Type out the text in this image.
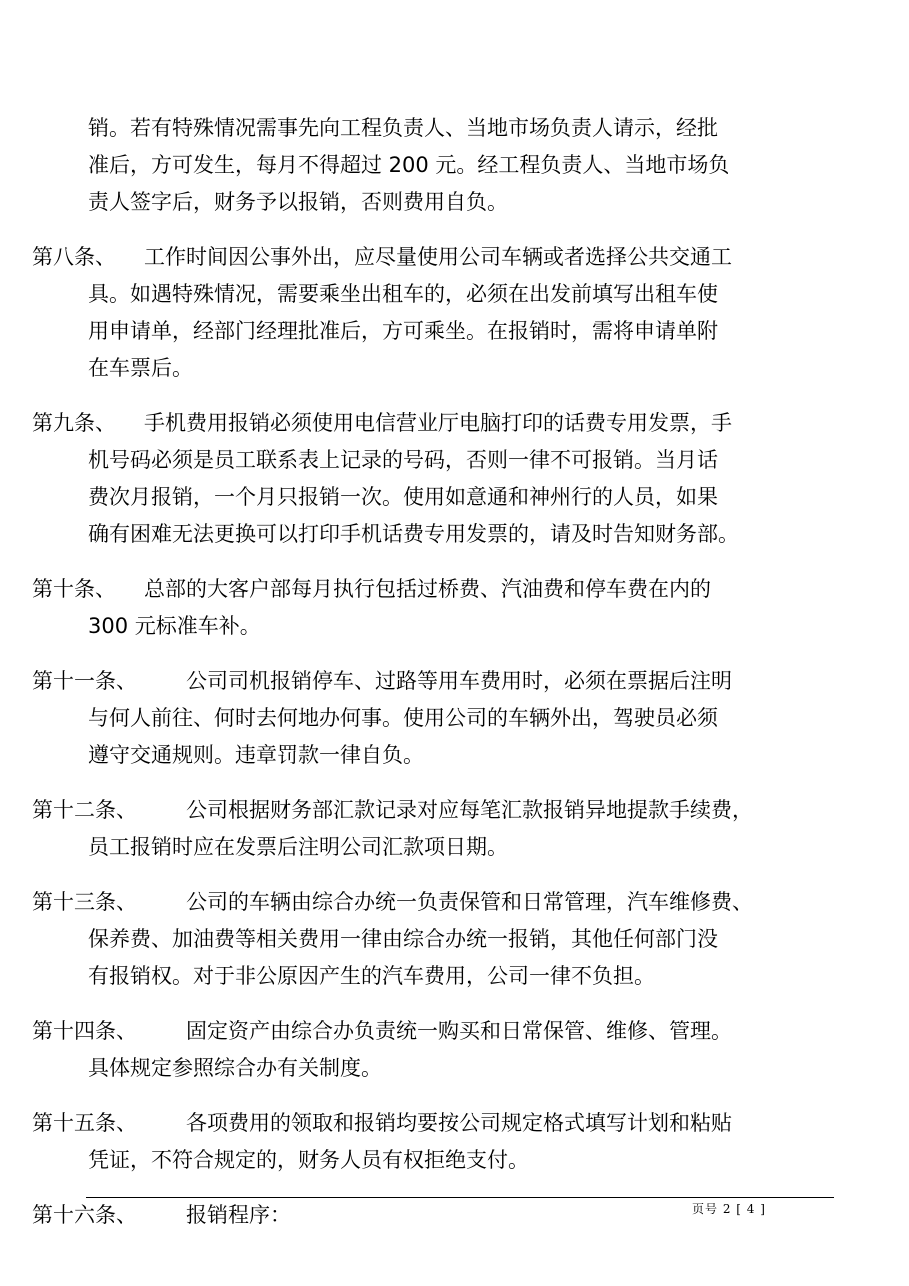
销。若有特殊情况需事先向工程负责人、当地市场负责人请示，经批
准后，方可发生，每月不得超过 200 元。经工程负责人、当地市场负
责人签字后，财务予以报销，否则费用自负。
第八条、	工作时间因公事外出，应尽量使用公司车辆或者选择公共交通工
具。如遇特殊情况，需要乘坐出租车的，必须在出发前填写出租车使
用申请单，经部门经理批准后，方可乘坐。在报销时，需将申请单附
在车票后。
第九条、	手机费用报销必须使用电信营业厅电脑打印的话费专用发票，手
机号码必须是员工联系表上记录的号码，否则一律不可报销。当月话
费次月报销，一个月只报销一次。使用如意通和神州行的人员，如果
确有困难无法更换可以打印手机话费专用发票的，请及时告知财务部。
第十条、	总部的大客户部每月执行包括过桥费、汽油费和停车费在内的
300 元标准车补。
第十一条、	公司司机报销停车、过路等用车费用时，必须在票据后注明
与何人前往、何时去何地办何事。使用公司的车辆外出，驾驶员必须
遵守交通规则。违章罚款一律自负。
第十二条、	公司根据财务部汇款记录对应每笔汇款报销异地提款手续费，
员工报销时应在发票后注明公司汇款项日期。
第十三条、	公司的车辆由综合办统一负责保管和日常管理，汽车维修费、
保养费、加油费等相关费用一律由综合办统一报销，其他任何部门没
有报销权。对于非公原因产生的汽车费用，公司一律不负担。
第十四条、	固定资产由综合办负责统一购买和日常保管、维修、管理。
具体规定参照综合办有关制度。
第十五条、	各项费用的领取和报销均要按公司规定格式填写计划和粘贴
凭证，不符合规定的，财务人员有权拒绝支付。
第十六条、	报销程序：	页号 2 [ 4 ]
